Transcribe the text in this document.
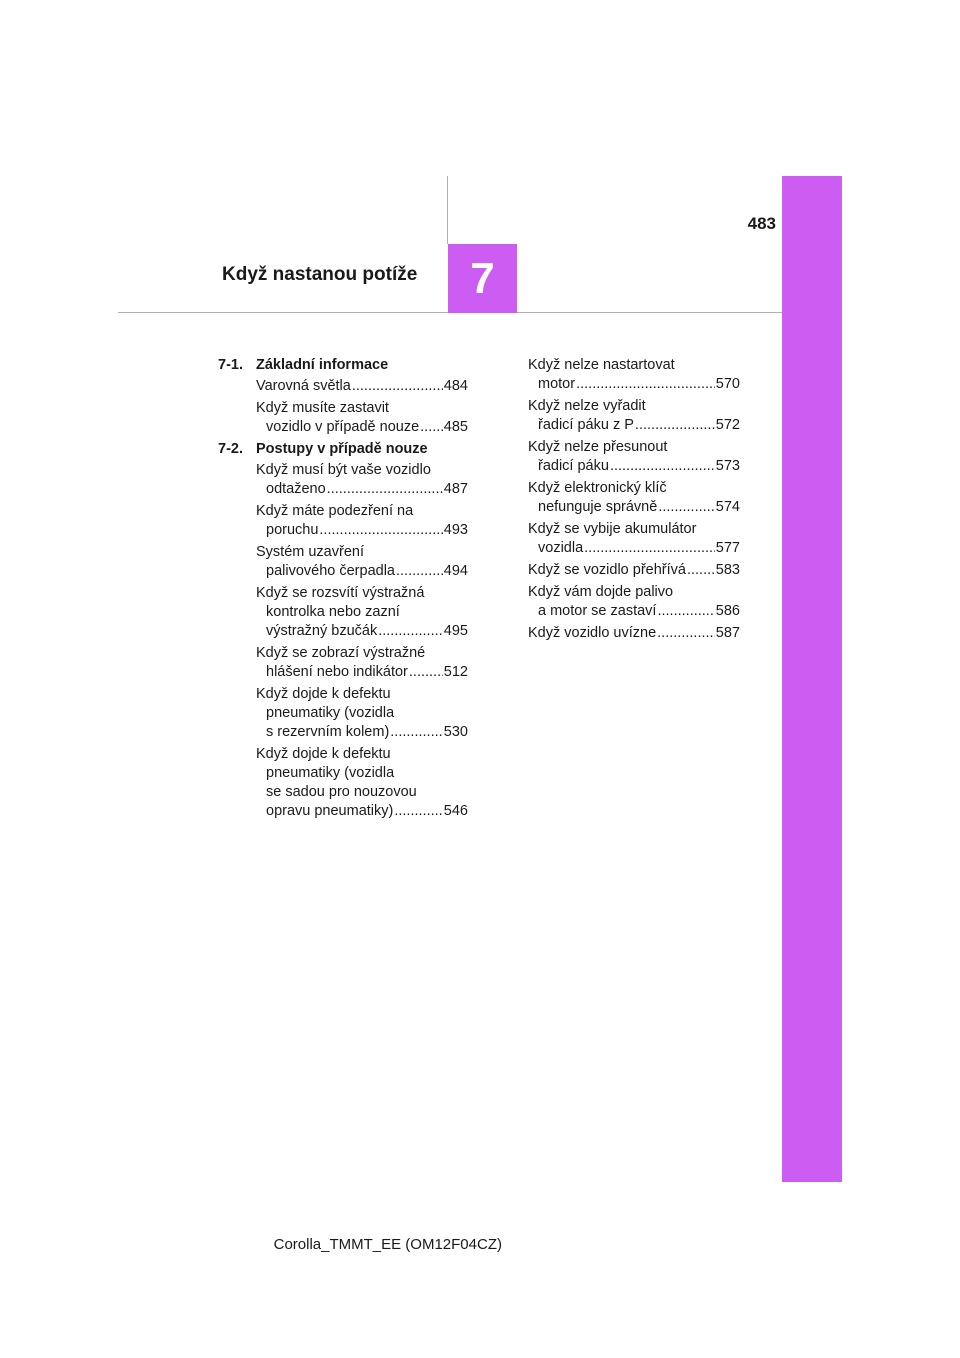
483
Když nastanou potíže 7
7-1. Základní informace
Varovná světla .....	484
Když musíte zastavit
vozidlo v případě nouze ..... 485
7-2. Postupy v případě nouze
Když musí být vaše vozidlo
odtaženo .....	487
Když máte podezření na
poruchu .....	493
Systém uzavření
palivového čerpadla .....	494
Když se rozsvítí výstražná
kontrolka nebo zazní
výstražný bzučák .....	495
Když se zobrazí výstražné
hlášení nebo indikátor ..... 512
Když dojde k defektu
pneumatiky (vozidla
s rezervním kolem) .....	530
Když dojde k defektu
pneumatiky (vozidla
se sadou pro nouzovou
opravu pneumatiky) .....	546
Když nelze nastartovat
motor .....	570
Když nelze vyřadit
řadicí páku z P .....	572
Když nelze přesunout
řadicí páku .....	573
Když elektronický klíč
nefunguje správně .....	574
Když se vybije akumulátor
vozidla .....	577
Když se vozidlo přehřívá ..... 583
Když vám dojde palivo
a motor se zastaví .....	586
Když vozidlo uvízne .....	587
Corolla_TMMT_EE (OM12F04CZ)
